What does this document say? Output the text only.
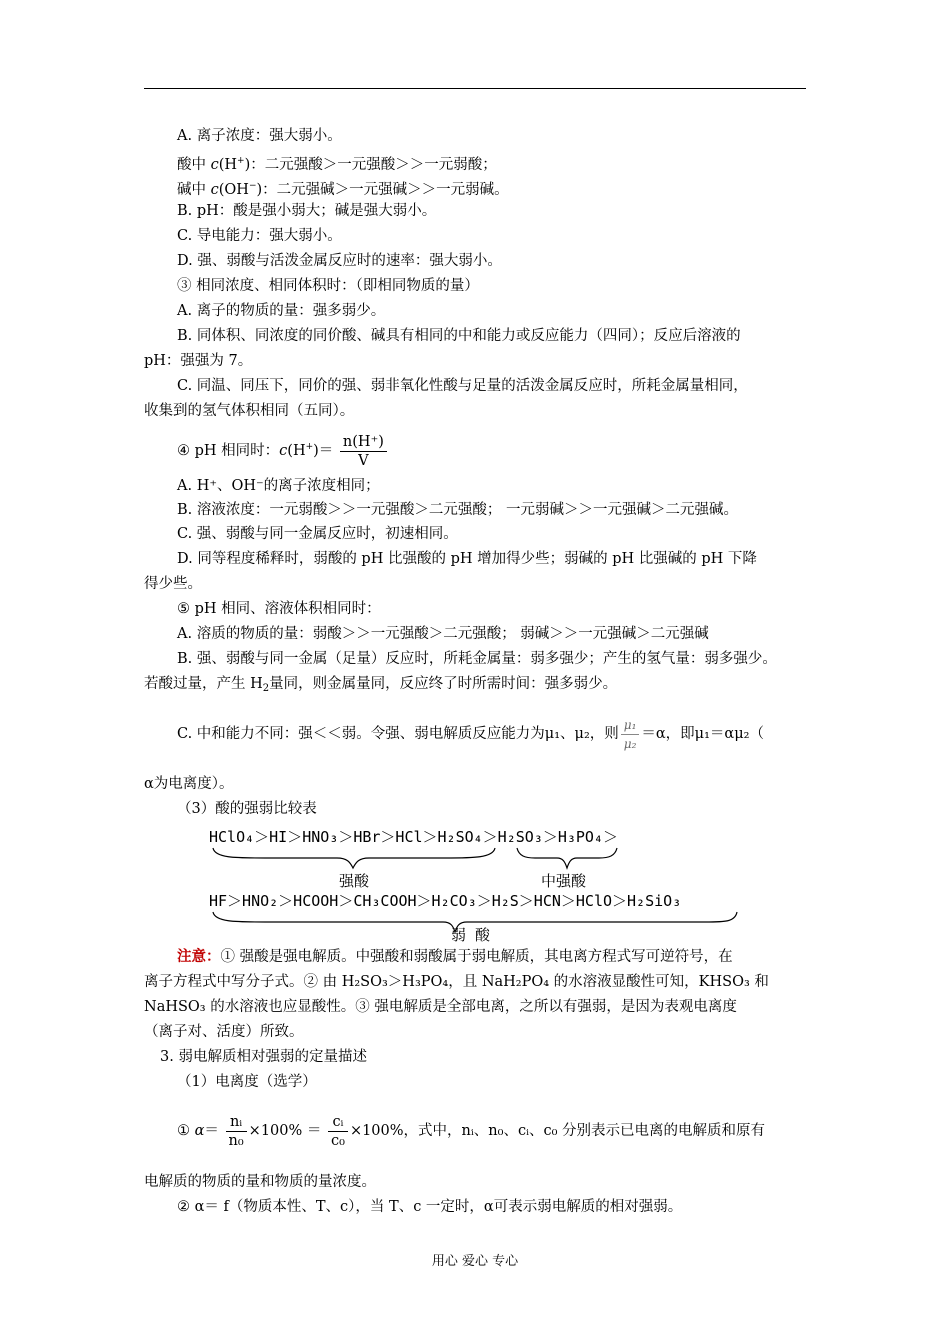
A. 离子浓度：强大弱小。
酸中 c(H+)：二元强酸＞一元强酸＞＞一元弱酸；
碱中 c(OH−)：二元强碱＞一元强碱＞＞一元弱碱。
B. pH：酸是强小弱大；碱是强大弱小。
C. 导电能力：强大弱小。
D. 强、弱酸与活泼金属反应时的速率：强大弱小。
③ 相同浓度、相同体积时：（即相同物质的量）
A. 离子的物质的量：强多弱少。
B. 同体积、同浓度的同价酸、碱具有相同的中和能力或反应能力（四同）；反应后溶液的
pH：强强为 7。
C. 同温、同压下，同价的强、弱非氧化性酸与足量的活泼金属反应时，所耗金属量相同，
收集到的氢气体积相同（五同）。
④ pH 相同时：$c(H^+)= \frac{n(H^+)}{V}$
A. H⁺、OH⁻的离子浓度相同；
B. 溶液浓度：一元弱酸＞＞一元强酸＞二元强酸； 一元弱碱＞＞一元强碱＞二元强碱。
C. 强、弱酸与同一金属反应时，初速相同。
D. 同等程度稀释时，弱酸的 pH 比强酸的 pH 增加得少些；弱碱的 pH 比强碱的 pH 下降
得少些。
⑤ pH 相同、溶液体积相同时：
A. 溶质的物质的量：弱酸＞＞一元强酸＞二元强酸； 弱碱＞＞一元强碱＞二元强碱
B. 强、弱酸与同一金属（足量）反应时，所耗金属量：弱多强少；产生的氢气量：弱多强少。
若酸过量，产生 $H_2$量同，则金属量同，反应终了时所需时间：强多弱少。
C. 中和能力不同：强＜＜弱。令强、弱电解质反应能力为μ₁、μ₂，则 $\frac{\text{μ₁}}{\text{μ₂}} =\alpha$，即μ₁＝αμ₂（
α为电离度）。
（3）酸的强弱比较表
HClO₄＞HI＞HNO₃＞HBr＞HCl＞H₂SO₄＞H₂SO₃＞H₃PO₄＞
强酸	中强酸
HF＞HNO₂＞HCOOH＞CH₃COOH＞H₂CO₃＞H₂S＞HCN＞HClO＞H₂SiO₃
弱 酸
注意：① 强酸是强电解质。中强酸和弱酸属于弱电解质，其电离方程式写可逆符号，在
离子方程式中写分子式。② 由 H₂SO₃＞H₃PO₄，且 NaH₂PO₄ 的水溶液显酸性可知，KHSO₃ 和
NaHSO₃ 的水溶液也应显酸性。③ 强电解质是全部电离，之所以有强弱，是因为表观电离度
（离子对、活度）所致。
3. 弱电解质相对强弱的定量描述
（1）电离度（选学）
① $\alpha= \frac{\text{nᵢ}}{\text{n₀}} \times 100\% = \frac{\text{cᵢ}}{\text{c₀}} \times 100\%$，式中，nᵢ、n₀、cᵢ、c₀ 分别表示已电离的电解质和原有
电解质的物质的量和物质的量浓度。
② α＝ f（物质本性、T、c），当 T、c 一定时，α可表示弱电解质的相对强弱。
用心 爱心 专心
